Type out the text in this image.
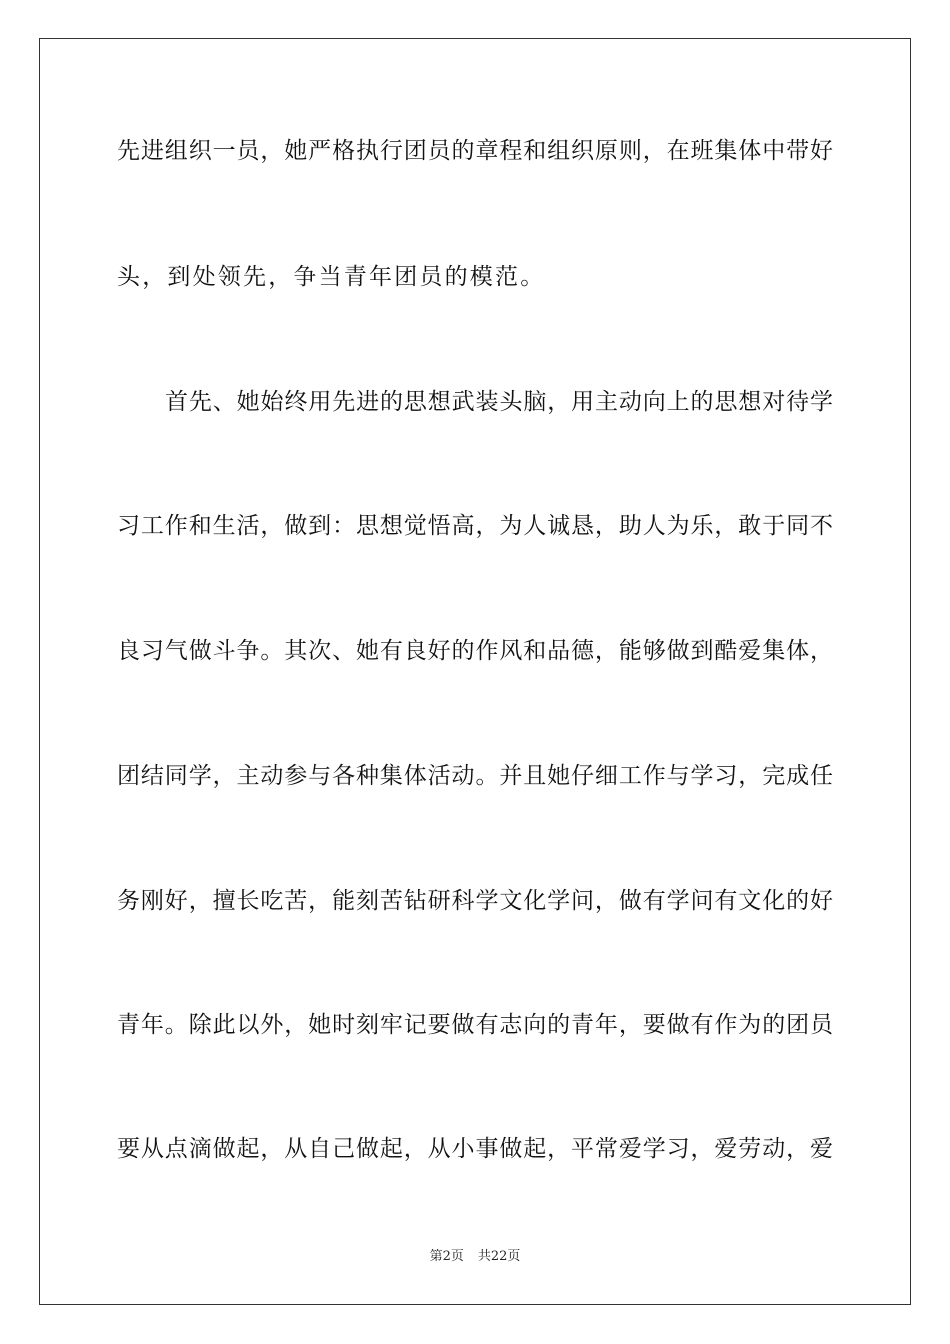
先进组织一员，她严格执行团员的章程和组织原则，在班集体中带好
头，到处领先，争当青年团员的模范。
首先、她始终用先进的思想武装头脑，用主动向上的思想对待学
习工作和生活，做到：思想觉悟高，为人诚恳，助人为乐，敢于同不
良习气做斗争。其次、她有良好的作风和品德，能够做到酷爱集体，
团结同学，主动参与各种集体活动。并且她仔细工作与学习，完成任
务刚好，擅长吃苦，能刻苦钻研科学文化学问，做有学问有文化的好
青年。除此以外，她时刻牢记要做有志向的青年，要做有作为的团员
要从点滴做起，从自己做起，从小事做起，平常爱学习，爱劳动，爱
第2页 共22页
